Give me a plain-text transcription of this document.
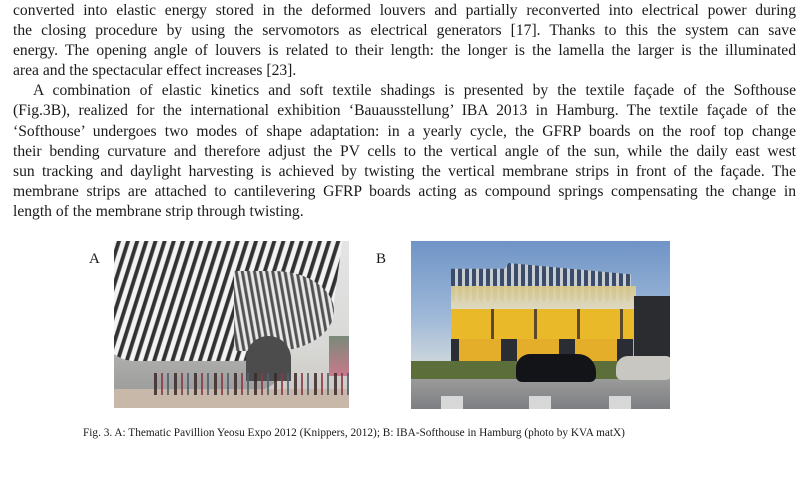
converted into elastic energy stored in the deformed louvers and partially reconverted into electrical power during
the closing procedure by using the servomotors as electrical generators [17]. Thanks to this the system can save
energy. The opening angle of louvers is related to their length: the longer is the lamella the larger is the illuminated
area and the spectacular effect increases [23].
A combination of elastic kinetics and soft textile shadings is presented by the textile façade of the Softhouse
(Fig.3B), realized for the international exhibition ‘Bauausstellung’ IBA 2013 in Hamburg. The textile façade of the
‘Softhouse’ undergoes two modes of shape adaptation: in a yearly cycle, the GFRP boards on the roof top change
their bending curvature and therefore adjust the PV cells to the vertical angle of the sun, while the daily east west
sun tracking and daylight harvesting is achieved by twisting the vertical membrane strips in front of the façade. The
membrane strips are attached to cantilevering GFRP boards acting as compound springs compensating the change in
length of the membrane strip through twisting.
A	B
Fig. 3. A: Thematic Pavillion Yeosu Expo 2012 (Knippers, 2012); B: IBA-Softhouse in Hamburg (photo by KVA matX)
